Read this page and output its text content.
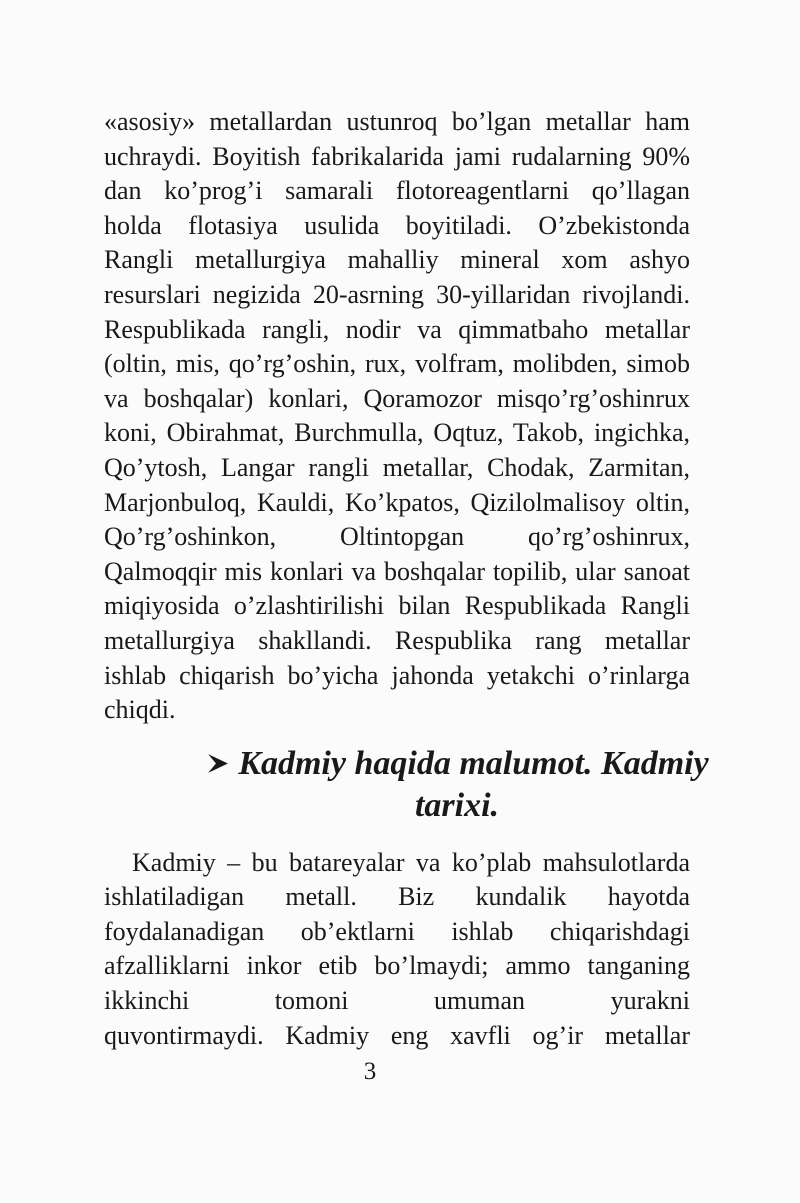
«asosiy» metallardan ustunroq bo’lgan metallar ham
uchraydi. Boyitish fabrikalarida jami rudalarning 90%
dan ko’prog’i samarali flotoreagentlarni qo’llagan
holda flotasiya usulida boyitiladi. O’zbekistonda
Rangli metallurgiya mahalliy mineral xom ashyo
resurslari negizida 20-asrning 30-yillaridan rivojlandi.
Respublikada rangli, nodir va qimmatbaho metallar
(oltin, mis, qo’rg’oshin, rux, volfram, molibden, simob
va boshqalar) konlari, Qoramozor misqo’rg’oshinrux
koni, Obirahmat, Burchmulla, Oqtuz, Takob, ingichka,
Qo’ytosh, Langar rangli metallar, Chodak, Zarmitan,
Marjonbuloq, Kauldi, Ko’kpatos, Qizilolmalisoy oltin,
Qo’rg’oshinkon, Oltintopgan qo’rg’oshinrux,
Qalmoqqir mis konlari va boshqalar topilib, ular sanoat
miqiyosida o’zlashtirilishi bilan Respublikada Rangli
metallurgiya shakllandi. Respublika rang metallar
ishlab chiqarish bo’yicha jahonda yetakchi o’rinlarga
chiqdi.
Kadmiy haqida malumot. Kadmiy
tarixi.
Kadmiy – bu batareyalar va ko’plab mahsulotlarda
ishlatiladigan metall. Biz kundalik hayotda
foydalanadigan ob’ektlarni ishlab chiqarishdagi
afzalliklarni inkor etib bo’lmaydi; ammo tanganing
ikkinchi tomoni umuman yurakni
quvontirmaydi. Kadmiy eng xavfli og’ir metallar
3
